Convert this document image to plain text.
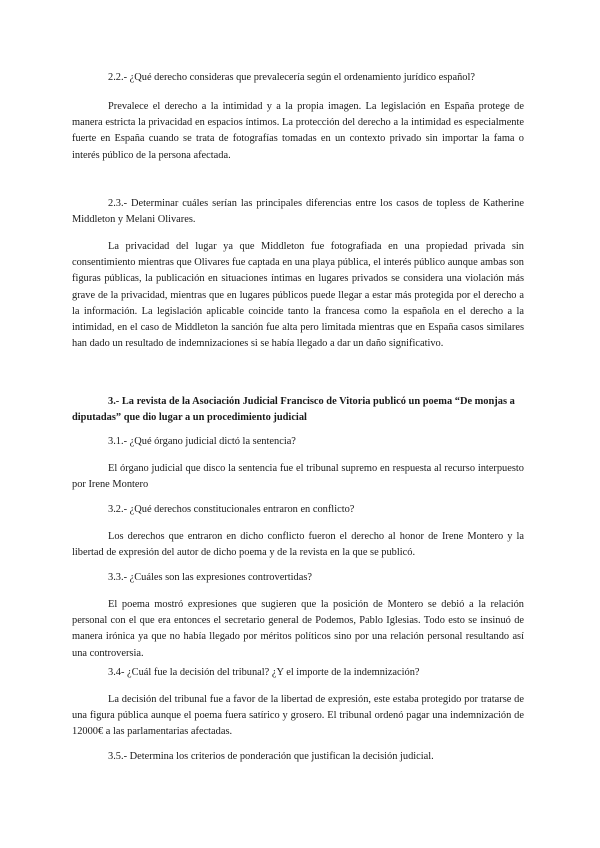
2.2.- ¿Qué derecho consideras que prevalecería según el ordenamiento jurídico español?

Prevalece el derecho a la intimidad y a la propia imagen. La legislación en España protege de manera estricta la privacidad en espacios íntimos. La protección del derecho a la intimidad es especialmente fuerte en España cuando se trata de fotografías tomadas en un contexto privado sin importar la fama o interés público de la persona afectada.

2.3.- Determinar cuáles serían las principales diferencias entre los casos de topless de Katherine Middleton y Melani Olivares.

La privacidad del lugar ya que Middleton fue fotografiada en una propiedad privada sin consentimiento mientras que Olivares fue captada en una playa pública, el interés público aunque ambas son figuras públicas, la publicación en situaciones íntimas en lugares privados se considera una violación más grave de la privacidad, mientras que en lugares públicos puede llegar a estar más protegida por el derecho a la información. La legislación aplicable coincide tanto la francesa como la española en el derecho a la intimidad, en el caso de Middleton la sanción fue alta pero limitada mientras que en España casos similares han dado un resultado de indemnizaciones si se había llegado a dar un daño significativo.

3.- La revista de la Asociación Judicial Francisco de Vitoria publicó un poema “De monjas a diputadas” que dio lugar a un procedimiento judicial

3.1.- ¿Qué órgano judicial dictó la sentencia?

El órgano judicial que disco la sentencia fue el tribunal supremo en respuesta al recurso interpuesto por Irene Montero

3.2.- ¿Qué derechos constitucionales entraron en conflicto?

Los derechos que entraron en dicho conflicto fueron el derecho al honor de Irene Montero y la libertad de expresión del autor de dicho poema y de la revista en la que se publicó.

3.3.- ¿Cuáles son las expresiones controvertidas?

El poema mostró expresiones que sugieren que la posición de Montero se debió a la relación personal con el que era entonces el secretario general de Podemos, Pablo Iglesias. Todo esto se insinuó de manera irónica ya que no había llegado por méritos políticos sino por una relación personal resultando así una controversia.

3.4- ¿Cuál fue la decisión del tribunal? ¿Y el importe de la indemnización?

La decisión del tribunal fue a favor de la libertad de expresión, este estaba protegido por tratarse de una figura pública aunque el poema fuera satírico y grosero. El tribunal ordenó pagar una indemnización de 12000€ a las parlamentarias afectadas.

3.5.- Determina los criterios de ponderación que justifican la decisión judicial.
